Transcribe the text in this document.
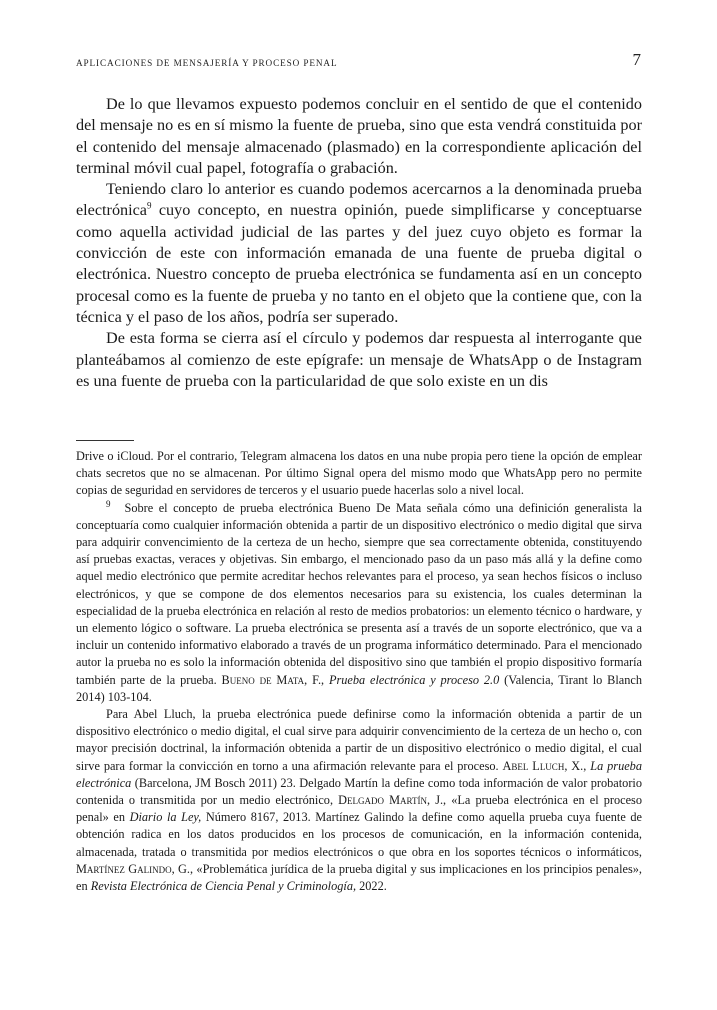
APLICACIONES DE MENSAJERÍA Y PROCESO PENAL	7

De lo que llevamos expuesto podemos concluir en el sentido de que el contenido del mensaje no es en sí mismo la fuente de prueba, sino que esta vendrá constituida por el contenido del mensaje almacenado (plasmado) en la correspondiente aplicación del terminal móvil cual papel, fotografía o grabación.

Teniendo claro lo anterior es cuando podemos acercarnos a la denominada prueba electrónica$^9$ cuyo concepto, en nuestra opinión, puede simplificarse y conceptuarse como aquella actividad judicial de las partes y del juez cuyo objeto es formar la convicción de este con información emanada de una fuente de prueba digital o electrónica. Nuestro concepto de prueba electrónica se fundamenta así en un concepto procesal como es la fuente de prueba y no tanto en el objeto que la contiene que, con la técnica y el paso de los años, podría ser superado.

De esta forma se cierra así el círculo y podemos dar respuesta al interrogante que planteábamos al comienzo de este epígrafe: un mensaje de WhatsApp o de Instagram es una fuente de prueba con la particularidad de que solo existe en un dis

Drive o iCloud. Por el contrario, Telegram almacena los datos en una nube propia pero tiene la opción de emplear chats secretos que no se almacenan. Por último Signal opera del mismo modo que WhatsApp pero no permite copias de seguridad en servidores de terceros y el usuario puede hacerlas solo a nivel local.

$^9$ Sobre el concepto de prueba electrónica Bueno De Mata señala cómo una definición generalista la conceptuaría como cualquier información obtenida a partir de un dispositivo electrónico o medio digital que sirva para adquirir convencimiento de la certeza de un hecho, siempre que sea correctamente obtenida, constituyendo así pruebas exactas, veraces y objetivas. Sin embargo, el mencionado paso da un paso más allá y la define como aquel medio electrónico que permite acreditar hechos relevantes para el proceso, ya sean hechos físicos o incluso electrónicos, y que se compone de dos elementos necesarios para su existencia, los cuales determinan la especialidad de la prueba electrónica en relación al resto de medios probatorios: un elemento técnico o hardware, y un elemento lógico o software. La prueba electrónica se presenta así a través de un soporte electrónico, que va a incluir un contenido informativo elaborado a través de un programa informático determinado. Para el mencionado autor la prueba no es solo la información obtenida del dispositivo sino que también el propio dispositivo formaría también parte de la prueba. Bueno de Mata, F., Prueba electrónica y proceso 2.0 (Valencia, Tirant lo Blanch 2014) 103-104.

Para Abel Lluch, la prueba electrónica puede definirse como la información obtenida a partir de un dispositivo electrónico o medio digital, el cual sirve para adquirir convencimiento de la certeza de un hecho o, con mayor precisión doctrinal, la información obtenida a partir de un dispositivo electrónico o medio digital, el cual sirve para formar la convicción en torno a una afirmación relevante para el proceso. Abel Lluch, X., La prueba electrónica (Barcelona, JM Bosch 2011) 23. Delgado Martín la define como toda información de valor probatorio contenida o transmitida por un medio electrónico, Delgado Martín, J., «La prueba electrónica en el proceso penal» en Diario la Ley, Número 8167, 2013. Martínez Galindo la define como aquella prueba cuya fuente de obtención radica en los datos producidos en los procesos de comunicación, en la información contenida, almacenada, tratada o transmitida por medios electrónicos o que obra en los soportes técnicos o informáticos, Martínez Galindo, G., «Problemática jurídica de la prueba digital y sus implicaciones en los principios penales», en Revista Electrónica de Ciencia Penal y Criminología, 2022.
